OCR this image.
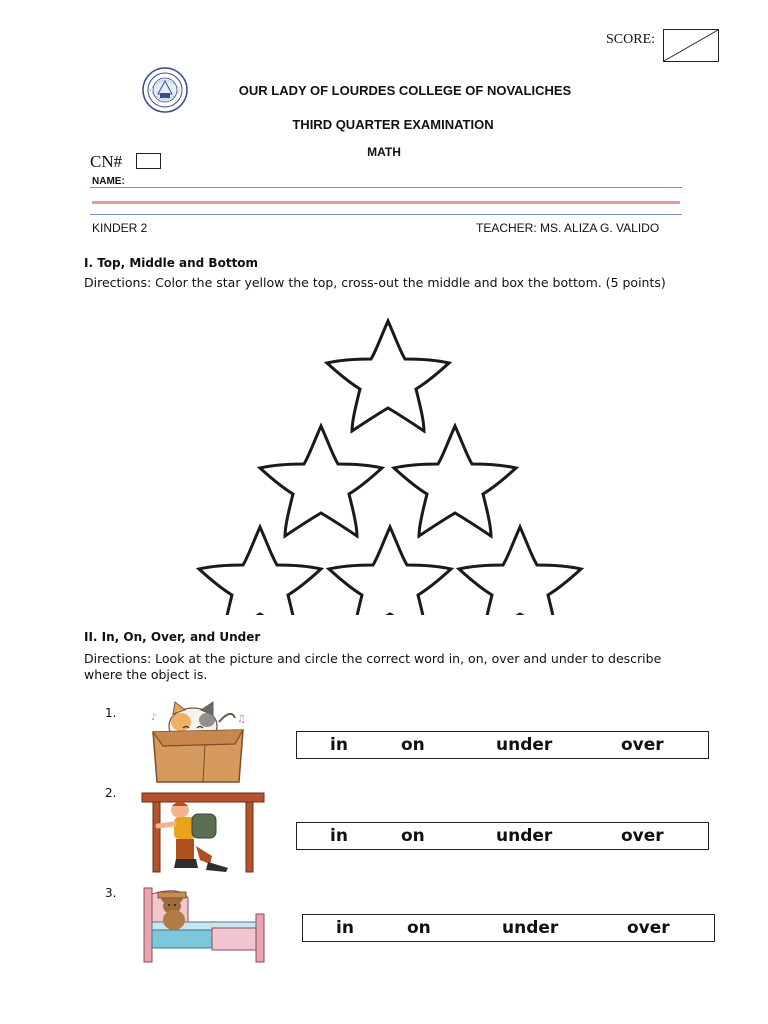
SCORE:
OUR LADY OF LOURDES COLLEGE OF NOVALICHES
THIRD QUARTER EXAMINATION
MATH
CN#
NAME:
KINDER 2	TEACHER: MS. ALIZA G. VALIDO
I. Top, Middle and Bottom
Directions: Color the star yellow the top, cross-out the middle and box the bottom. (5 points)
II. In, On, Over, and Under
Directions: Look at the picture and circle the correct word in, on, over and under to describe where the object is.
1.	♪	♫
in	on	under	over
2.
in	on	under	over
3.
in	on	under	over
